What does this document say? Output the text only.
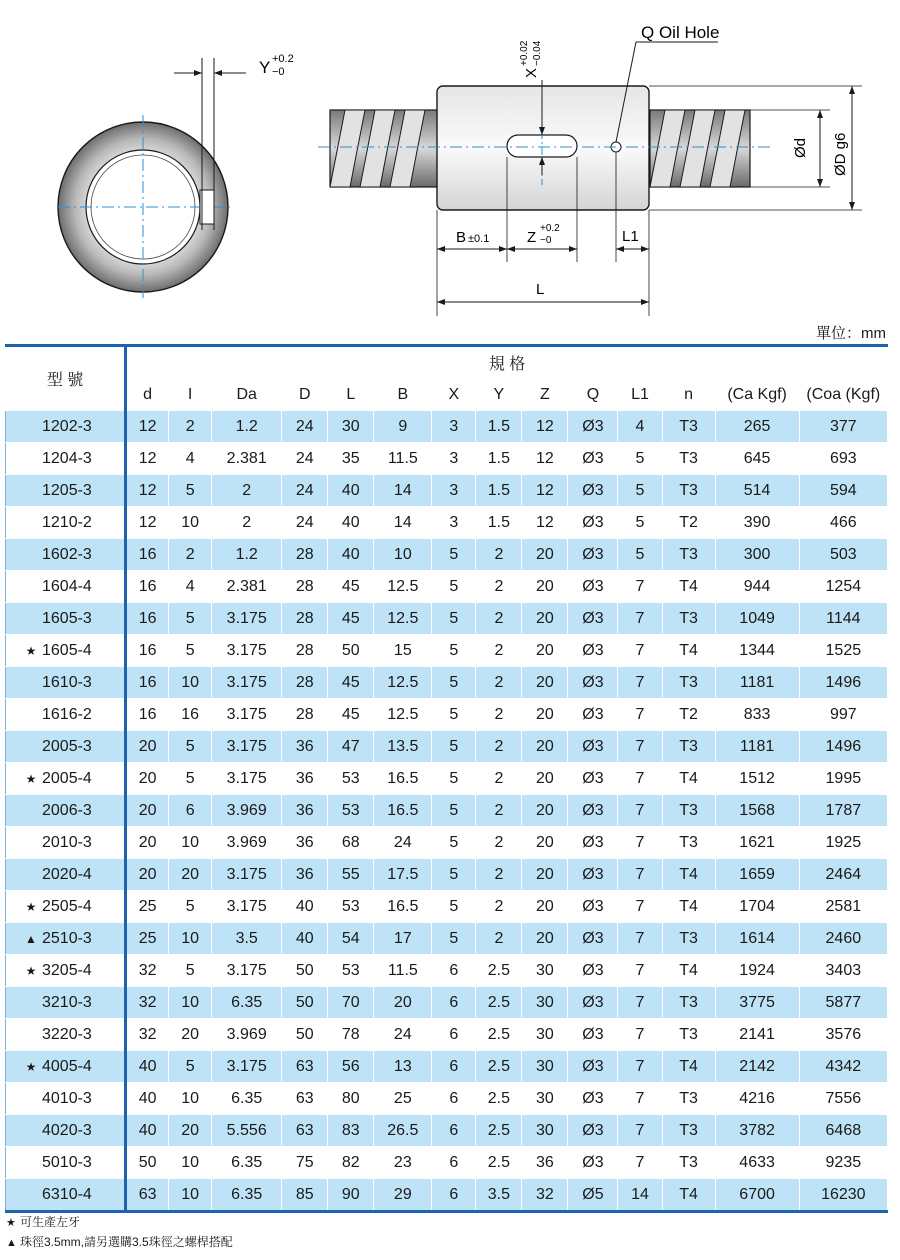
Y +0.2
−0	X
+0.02 −0.04
Q Oil Hole
Ød ØD g6
B ±0.1	Z
+0.2
−0	L1
L
單位：mm
型 號	規 格													
	d	I	Da	D	L	B	X	Y	Z	Q	L1	n	(Ca Kgf)	(Coa (Kgf)
1202-3	12	2	1.2	24	30	9	3	1.5	12	Ø3	4	T3	265	377
1204-3	12	4	2.381	24	35	11.5	3	1.5	12	Ø3	5	T3	645	693
1205-3	12	5	2	24	40	14	3	1.5	12	Ø3	5	T3	514	594
1210-2	12	10	2	24	40	14	3	1.5	12	Ø3	5	T2	390	466
1602-3	16	2	1.2	28	40	10	5	2	20	Ø3	5	T3	300	503
1604-4	16	4	2.381	28	45	12.5	5	2	20	Ø3	7	T4	944	1254
1605-3	16	5	3.175	28	45	12.5	5	2	20	Ø3	7	T3	1049	1144
★ 1605-4	16	5	3.175	28	50	15	5	2	20	Ø3	7	T4	1344	1525
1610-3	16	10	3.175	28	45	12.5	5	2	20	Ø3	7	T3	1181	1496
1616-2	16	16	3.175	28	45	12.5	5	2	20	Ø3	7	T2	833	997
2005-3	20	5	3.175	36	47	13.5	5	2	20	Ø3	7	T3	1181	1496
★ 2005-4	20	5	3.175	36	53	16.5	5	2	20	Ø3	7	T4	1512	1995
2006-3	20	6	3.969	36	53	16.5	5	2	20	Ø3	7	T3	1568	1787
2010-3	20	10	3.969	36	68	24	5	2	20	Ø3	7	T3	1621	1925
2020-4	20	20	3.175	36	55	17.5	5	2	20	Ø3	7	T4	1659	2464
★ 2505-4	25	5	3.175	40	53	16.5	5	2	20	Ø3	7	T4	1704	2581
▲ 2510-3	25	10	3.5	40	54	17	5	2	20	Ø3	7	T3	1614	2460
★ 3205-4	32	5	3.175	50	53	11.5	6	2.5	30	Ø3	7	T4	1924	3403
3210-3	32	10	6.35	50	70	20	6	2.5	30	Ø3	7	T3	3775	5877
3220-3	32	20	3.969	50	78	24	6	2.5	30	Ø3	7	T3	2141	3576
★ 4005-4	40	5	3.175	63	56	13	6	2.5	30	Ø3	7	T4	2142	4342
4010-3	40	10	6.35	63	80	25	6	2.5	30	Ø3	7	T3	4216	7556
4020-3	40	20	5.556	63	83	26.5	6	2.5	30	Ø3	7	T3	3782	6468
5010-3	50	10	6.35	75	82	23	6	2.5	36	Ø3	7	T3	4633	9235
6310-4	63	10	6.35	85	90	29	6	3.5	32	Ø5	14	T4	6700	16230
★ 可生產左牙
▲ 珠徑3.5mm,請另選購3.5珠徑之螺桿搭配
